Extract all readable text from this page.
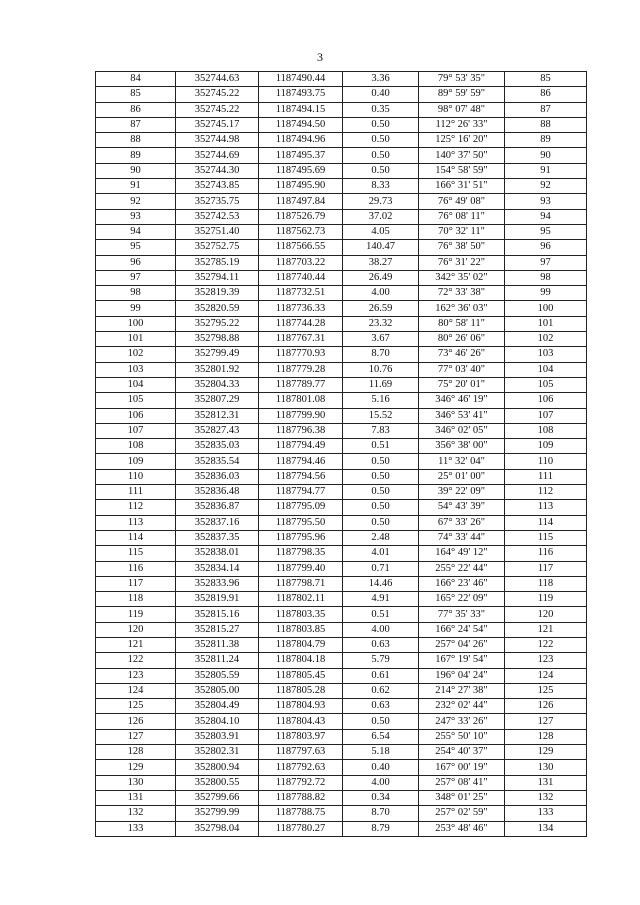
3
84	352744.63	1187490.44	3.36	79° 53' 35"	85
85	352745.22	1187493.75	0.40	89° 59' 59"	86
86	352745.22	1187494.15	0.35	98° 07' 48"	87
87	352745.17	1187494.50	0.50	112° 26' 33"	88
88	352744.98	1187494.96	0.50	125° 16' 20"	89
89	352744.69	1187495.37	0.50	140° 37' 50"	90
90	352744.30	1187495.69	0.50	154° 58' 59"	91
91	352743.85	1187495.90	8.33	166° 31' 51"	92
92	352735.75	1187497.84	29.73	76° 49' 08"	93
93	352742.53	1187526.79	37.02	76° 08' 11"	94
94	352751.40	1187562.73	4.05	70° 32' 11"	95
95	352752.75	1187566.55	140.47	76° 38' 50"	96
96	352785.19	1187703.22	38.27	76° 31' 22"	97
97	352794.11	1187740.44	26.49	342° 35' 02"	98
98	352819.39	1187732.51	4.00	72° 33' 38"	99
99	352820.59	1187736.33	26.59	162° 36' 03"	100
100	352795.22	1187744.28	23.32	80° 58' 11"	101
101	352798.88	1187767.31	3.67	80° 26' 06"	102
102	352799.49	1187770.93	8.70	73° 46' 26"	103
103	352801.92	1187779.28	10.76	77° 03' 40"	104
104	352804.33	1187789.77	11.69	75° 20' 01"	105
105	352807.29	1187801.08	5.16	346° 46' 19"	106
106	352812.31	1187799.90	15.52	346° 53' 41"	107
107	352827.43	1187796.38	7.83	346° 02' 05"	108
108	352835.03	1187794.49	0.51	356° 38' 00"	109
109	352835.54	1187794.46	0.50	11° 32' 04"	110
110	352836.03	1187794.56	0.50	25° 01' 00"	111
111	352836.48	1187794.77	0.50	39° 22' 09"	112
112	352836.87	1187795.09	0.50	54° 43' 39"	113
113	352837.16	1187795.50	0.50	67° 33' 26"	114
114	352837.35	1187795.96	2.48	74° 33' 44"	115
115	352838.01	1187798.35	4.01	164° 49' 12"	116
116	352834.14	1187799.40	0.71	255° 22' 44"	117
117	352833.96	1187798.71	14.46	166° 23' 46"	118
118	352819.91	1187802.11	4.91	165° 22' 09"	119
119	352815.16	1187803.35	0.51	77° 35' 33"	120
120	352815.27	1187803.85	4.00	166° 24' 54"	121
121	352811.38	1187804.79	0.63	257° 04' 26"	122
122	352811.24	1187804.18	5.79	167° 19' 54"	123
123	352805.59	1187805.45	0.61	196° 04' 24"	124
124	352805.00	1187805.28	0.62	214° 27' 38"	125
125	352804.49	1187804.93	0.63	232° 02' 44"	126
126	352804.10	1187804.43	0.50	247° 33' 26"	127
127	352803.91	1187803.97	6.54	255° 50' 10"	128
128	352802.31	1187797.63	5.18	254° 40' 37"	129
129	352800.94	1187792.63	0.40	167° 00' 19"	130
130	352800.55	1187792.72	4.00	257° 08' 41"	131
131	352799.66	1187788.82	0.34	348° 01' 25"	132
132	352799.99	1187788.75	8.70	257° 02' 59"	133
133	352798.04	1187780.27	8.79	253° 48' 46"	134
